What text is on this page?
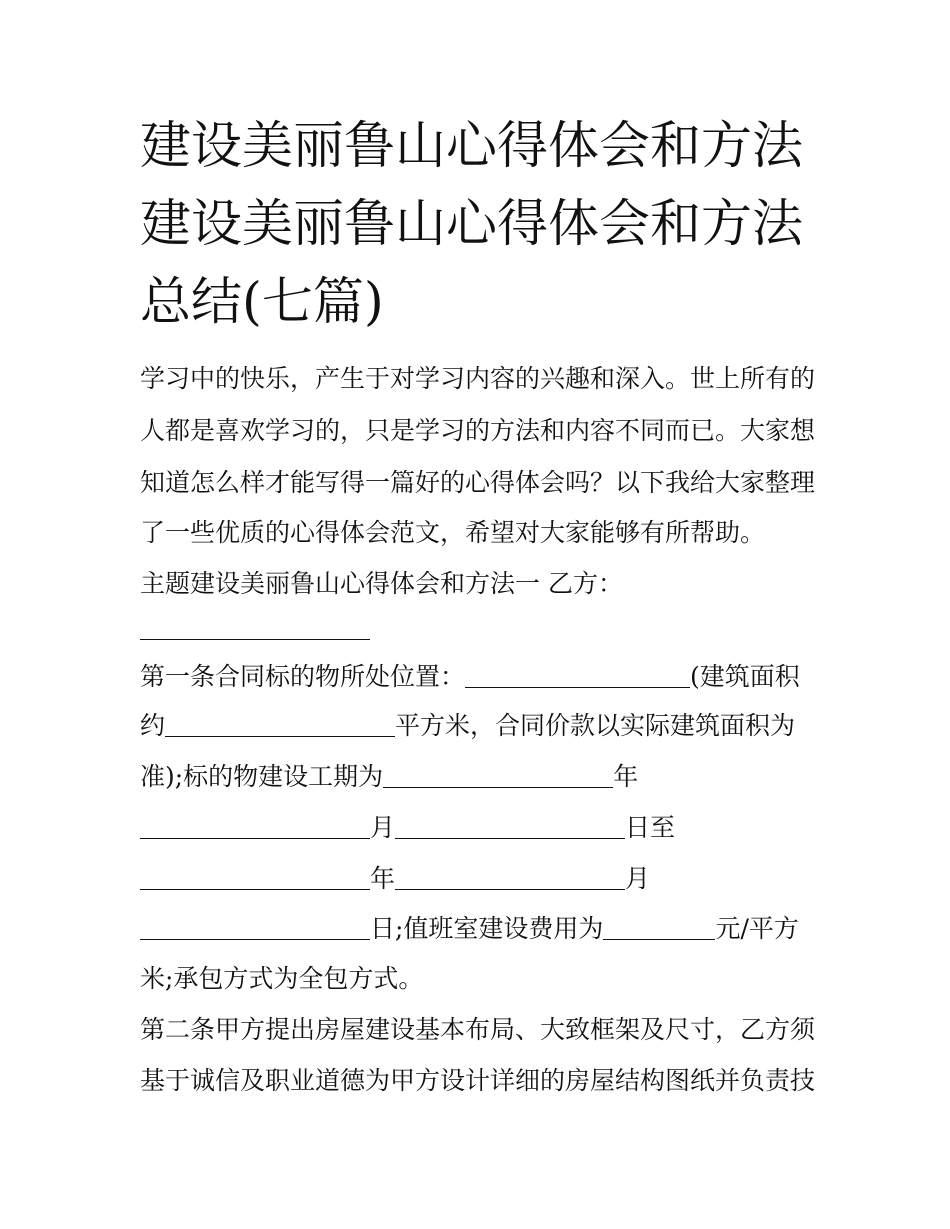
建设美丽鲁山心得体会和方法
建设美丽鲁山心得体会和方法
总结(七篇)
学习中的快乐，产生于对学习内容的兴趣和深入。世上所有的
人都是喜欢学习的，只是学习的方法和内容不同而已。大家想
知道怎么样才能写得一篇好的心得体会吗？以下我给大家整理
了一些优质的心得体会范文，希望对大家能够有所帮助。
主题建设美丽鲁山心得体会和方法一 乙方：
第一条合同标的物所处位置：	(建筑面积
约	平方米，合同价款以实际建筑面积为
准);标的物建设工期为	年
月	日至
年	月
日;值班室建设费用为	元/平方
米;承包方式为全包方式。
第二条甲方提出房屋建设基本布局、大致框架及尺寸，乙方须
基于诚信及职业道德为甲方设计详细的房屋结构图纸并负责技
